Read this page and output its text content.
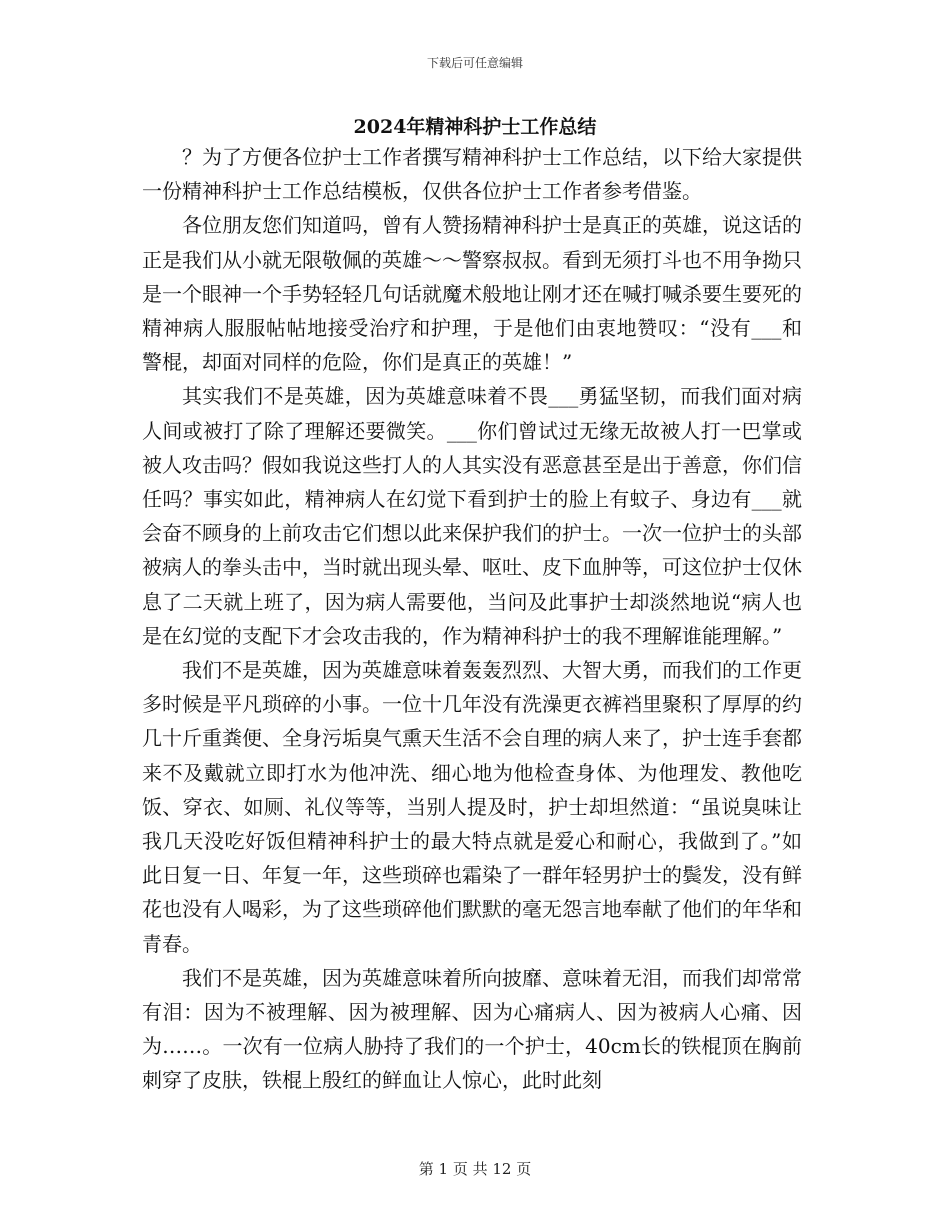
下载后可任意编辑
2024年精神科护士工作总结

？为了方便各位护士工作者撰写精神科护士工作总结，以下给大家提供一份精神科护士工作总结模板，仅供各位护士工作者参考借鉴。

各位朋友您们知道吗，曾有人赞扬精神科护士是真正的英雄，说这话的正是我们从小就无限敬佩的英雄～～警察叔叔。看到无须打斗也不用争拗只是一个眼神一个手势轻轻几句话就魔术般地让刚才还在喊打喊杀要生要死的精神病人服服帖帖地接受治疗和护理，于是他们由衷地赞叹：“没有___和警棍，却面对同样的危险，你们是真正的英雄！”

其实我们不是英雄，因为英雄意味着不畏___勇猛坚韧，而我们面对病人间或被打了除了理解还要微笑。___你们曾试过无缘无故被人打一巴掌或被人攻击吗？假如我说这些打人的人其实没有恶意甚至是出于善意，你们信任吗？事实如此，精神病人在幻觉下看到护士的脸上有蚊子、身边有___就会奋不顾身的上前攻击它们想以此来保护我们的护士。一次一位护士的头部被病人的拳头击中，当时就出现头晕、呕吐、皮下血肿等，可这位护士仅休息了二天就上班了，因为病人需要他，当问及此事护士却淡然地说“病人也是在幻觉的支配下才会攻击我的，作为精神科护士的我不理解谁能理解。”

我们不是英雄，因为英雄意味着轰轰烈烈、大智大勇，而我们的工作更多时候是平凡琐碎的小事。一位十几年没有洗澡更衣裤裆里聚积了厚厚的约几十斤重粪便、全身污垢臭气熏天生活不会自理的病人来了，护士连手套都来不及戴就立即打水为他冲洗、细心地为他检查身体、为他理发、教他吃饭、穿衣、如厕、礼仪等等，当别人提及时，护士却坦然道：“虽说臭味让我几天没吃好饭但精神科护士的最大特点就是爱心和耐心，我做到了。”如此日复一日、年复一年，这些琐碎也霜染了一群年轻男护士的鬓发，没有鲜花也没有人喝彩，为了这些琐碎他们默默的毫无怨言地奉献了他们的年华和青春。

我们不是英雄，因为英雄意味着所向披靡、意味着无泪，而我们却常常有泪：因为不被理解、因为被理解、因为心痛病人、因为被病人心痛、因为……。一次有一位病人胁持了我们的一个护士，40cm长的铁棍顶在胸前刺穿了皮肤，铁棍上殷红的鲜血让人惊心，此时此刻

第 1 页 共 12 页
